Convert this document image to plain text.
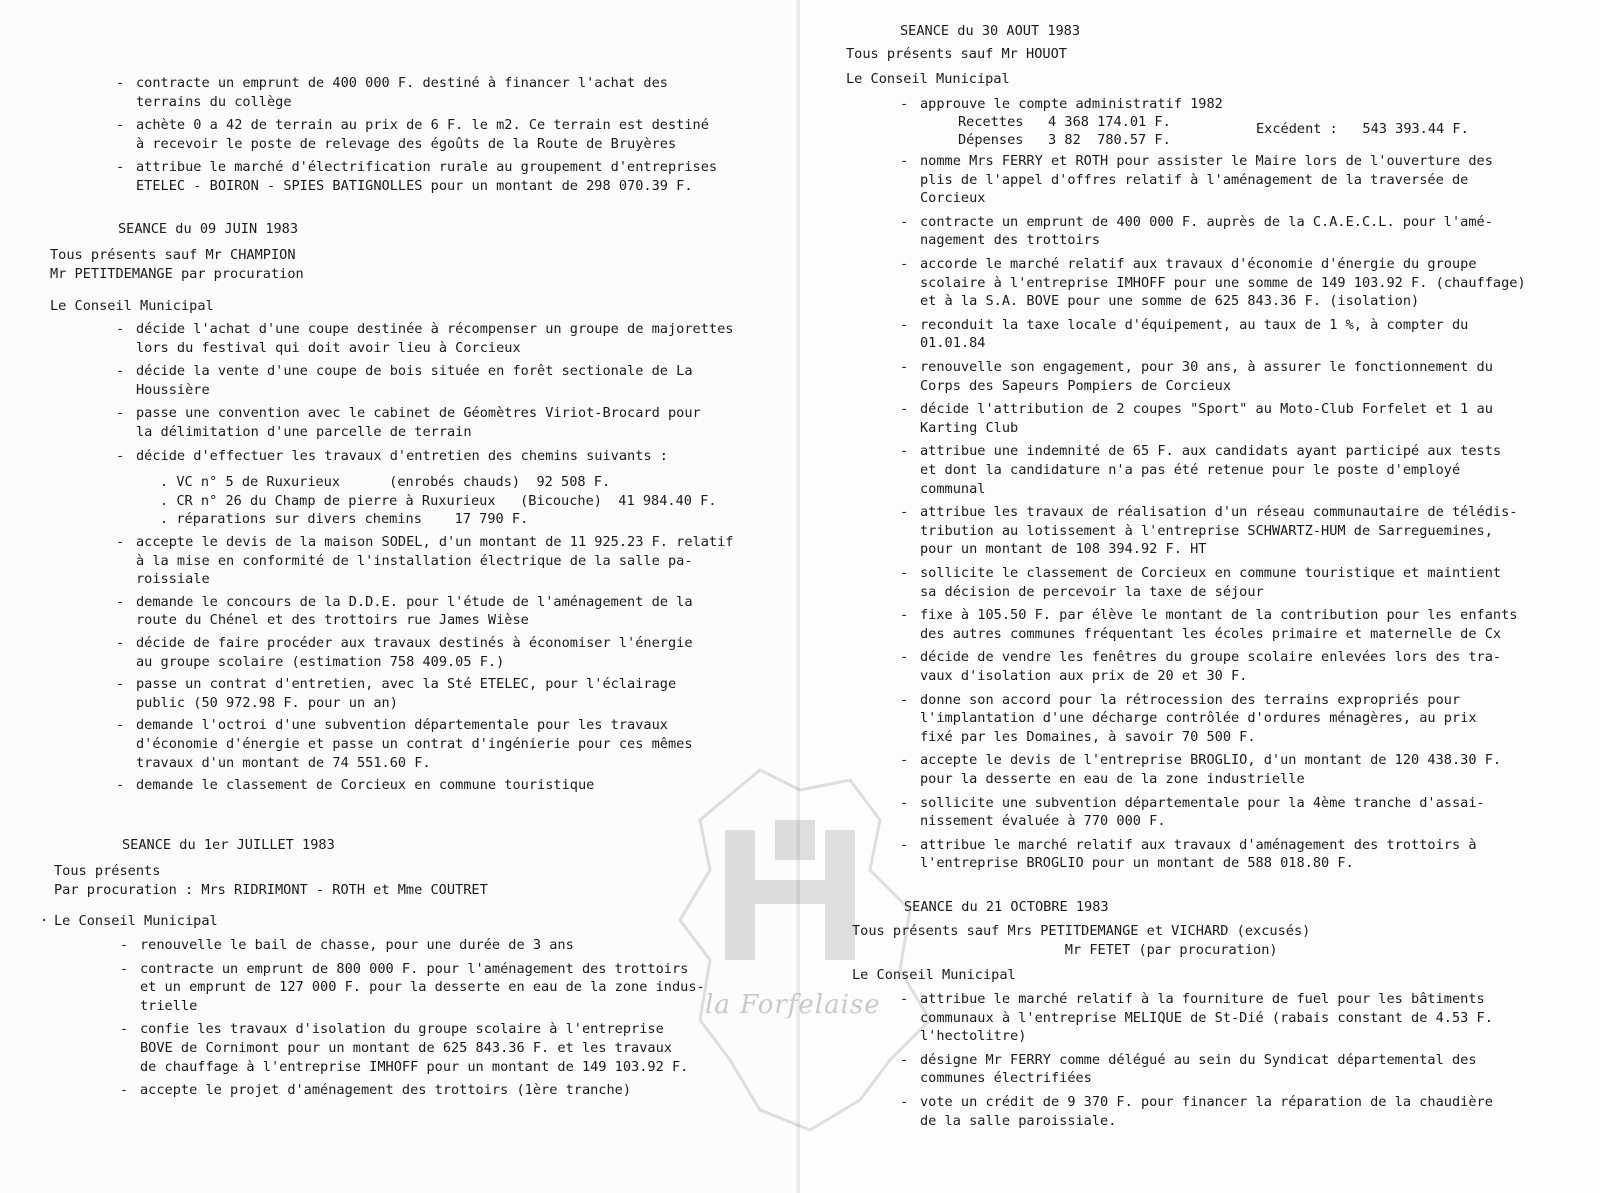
- contracte un emprunt de 400 000 F. destiné à financer l'achat des
terrains du collège
- achète 0 a 42 de terrain au prix de 6 F. le m2. Ce terrain est destiné
à recevoir le poste de relevage des égoûts de la Route de Bruyères
- attribue le marché d'électrification rurale au groupement d'entreprises
ETELEC - BOIRON - SPIES BATIGNOLLES pour un montant de 298 070.39 F.
SEANCE du 09 JUIN 1983
Tous présents sauf Mr CHAMPION
Mr PETITDEMANGE par procuration
Le Conseil Municipal
- décide l'achat d'une coupe destinée à récompenser un groupe de majorettes
lors du festival qui doit avoir lieu à Corcieux
- décide la vente d'une coupe de bois située en forêt sectionale de La
Houssière
- passe une convention avec le cabinet de Géomètres Viriot-Brocard pour
la délimitation d'une parcelle de terrain
- décide d'effectuer les travaux d'entretien des chemins suivants :
. VC n° 5 de Ruxurieux      (enrobés chauds)  92 508 F.
. CR n° 26 du Champ de pierre à Ruxurieux   (Bicouche)  41 984.40 F.
. réparations sur divers chemins    17 790 F.
- accepte le devis de la maison SODEL, d'un montant de 11 925.23 F. relatif
à la mise en conformité de l'installation électrique de la salle pa-
roissiale
- demande le concours de la D.D.E. pour l'étude de l'aménagement de la
route du Chénel et des trottoirs rue James Wièse
- décide de faire procéder aux travaux destinés à économiser l'énergie
au groupe scolaire (estimation 758 409.05 F.)
- passe un contrat d'entretien, avec la Sté ETELEC, pour l'éclairage
public (50 972.98 F. pour un an)
- demande l'octroi d'une subvention départementale pour les travaux
d'économie d'énergie et passe un contrat d'ingénierie pour ces mêmes
travaux d'un montant de 74 551.60 F.
- demande le classement de Corcieux en commune touristique
SEANCE du 1er JUILLET 1983
Tous présents
Par procuration : Mrs RIDRIMONT - ROTH et Mme COUTRET
Le Conseil Municipal
- renouvelle le bail de chasse, pour une durée de 3 ans
- contracte un emprunt de 800 000 F. pour l'aménagement des trottoirs
et un emprunt de 127 000 F. pour la desserte en eau de la zone indus-
trielle
- confie les travaux d'isolation du groupe scolaire à l'entreprise
BOVE de Cornimont pour un montant de 625 843.36 F. et les travaux
de chauffage à l'entreprise IMHOFF pour un montant de 149 103.92 F.
- accepte le projet d'aménagement des trottoirs (1ère tranche)
·
SEANCE du 30 AOUT 1983
Tous présents sauf Mr HOUOT
Le Conseil Municipal
- approuve le compte administratif 1982
Recettes   4 368 174.01 F.
Dépenses   3 82  780.57 F.
Excédent :   543 393.44 F.
- nomme Mrs FERRY et ROTH pour assister le Maire lors de l'ouverture des
plis de l'appel d'offres relatif à l'aménagement de la traversée de
Corcieux
- contracte un emprunt de 400 000 F. auprès de la C.A.E.C.L. pour l'amé-
nagement des trottoirs
- accorde le marché relatif aux travaux d'économie d'énergie du groupe
scolaire à l'entreprise IMHOFF pour une somme de 149 103.92 F. (chauffage)
et à la S.A. BOVE pour une somme de 625 843.36 F. (isolation)
- reconduit la taxe locale d'équipement, au taux de 1 %, à compter du
01.01.84
- renouvelle son engagement, pour 30 ans, à assurer le fonctionnement du
Corps des Sapeurs Pompiers de Corcieux
- décide l'attribution de 2 coupes "Sport" au Moto-Club Forfelet et 1 au
Karting Club
- attribue une indemnité de 65 F. aux candidats ayant participé aux tests
et dont la candidature n'a pas été retenue pour le poste d'employé
communal
- attribue les travaux de réalisation d'un réseau communautaire de télédis-
tribution au lotissement à l'entreprise SCHWARTZ-HUM de Sarreguemines,
pour un montant de 108 394.92 F. HT
- sollicite le classement de Corcieux en commune touristique et maintient
sa décision de percevoir la taxe de séjour
- fixe à 105.50 F. par élève le montant de la contribution pour les enfants
des autres communes fréquentant les écoles primaire et maternelle de Cx
- décide de vendre les fenêtres du groupe scolaire enlevées lors des tra-
vaux d'isolation aux prix de 20 et 30 F.
- donne son accord pour la rétrocession des terrains expropriés pour
l'implantation d'une décharge contrôlée d'ordures ménagères, au prix
fixé par les Domaines, à savoir 70 500 F.
- accepte le devis de l'entreprise BROGLIO, d'un montant de 120 438.30 F.
pour la desserte en eau de la zone industrielle
- sollicite une subvention départementale pour la 4ème tranche d'assai-
nissement évaluée à 770 000 F.
- attribue le marché relatif aux travaux d'aménagement des trottoirs à
l'entreprise BROGLIO pour un montant de 588 018.80 F.
SEANCE du 21 OCTOBRE 1983
Tous présents sauf Mrs PETITDEMANGE et VICHARD (excusés)
Mr FETET (par procuration)
Le Conseil Municipal
- attribue le marché relatif à la fourniture de fuel pour les bâtiments
communaux à l'entreprise MELIQUE de St-Dié (rabais constant de 4.53 F.
l'hectolitre)
- désigne Mr FERRY comme délégué au sein du Syndicat départemental des
communes électrifiées
- vote un crédit de 9 370 F. pour financer la réparation de la chaudière
de la salle paroissiale.
la Forfelaise
